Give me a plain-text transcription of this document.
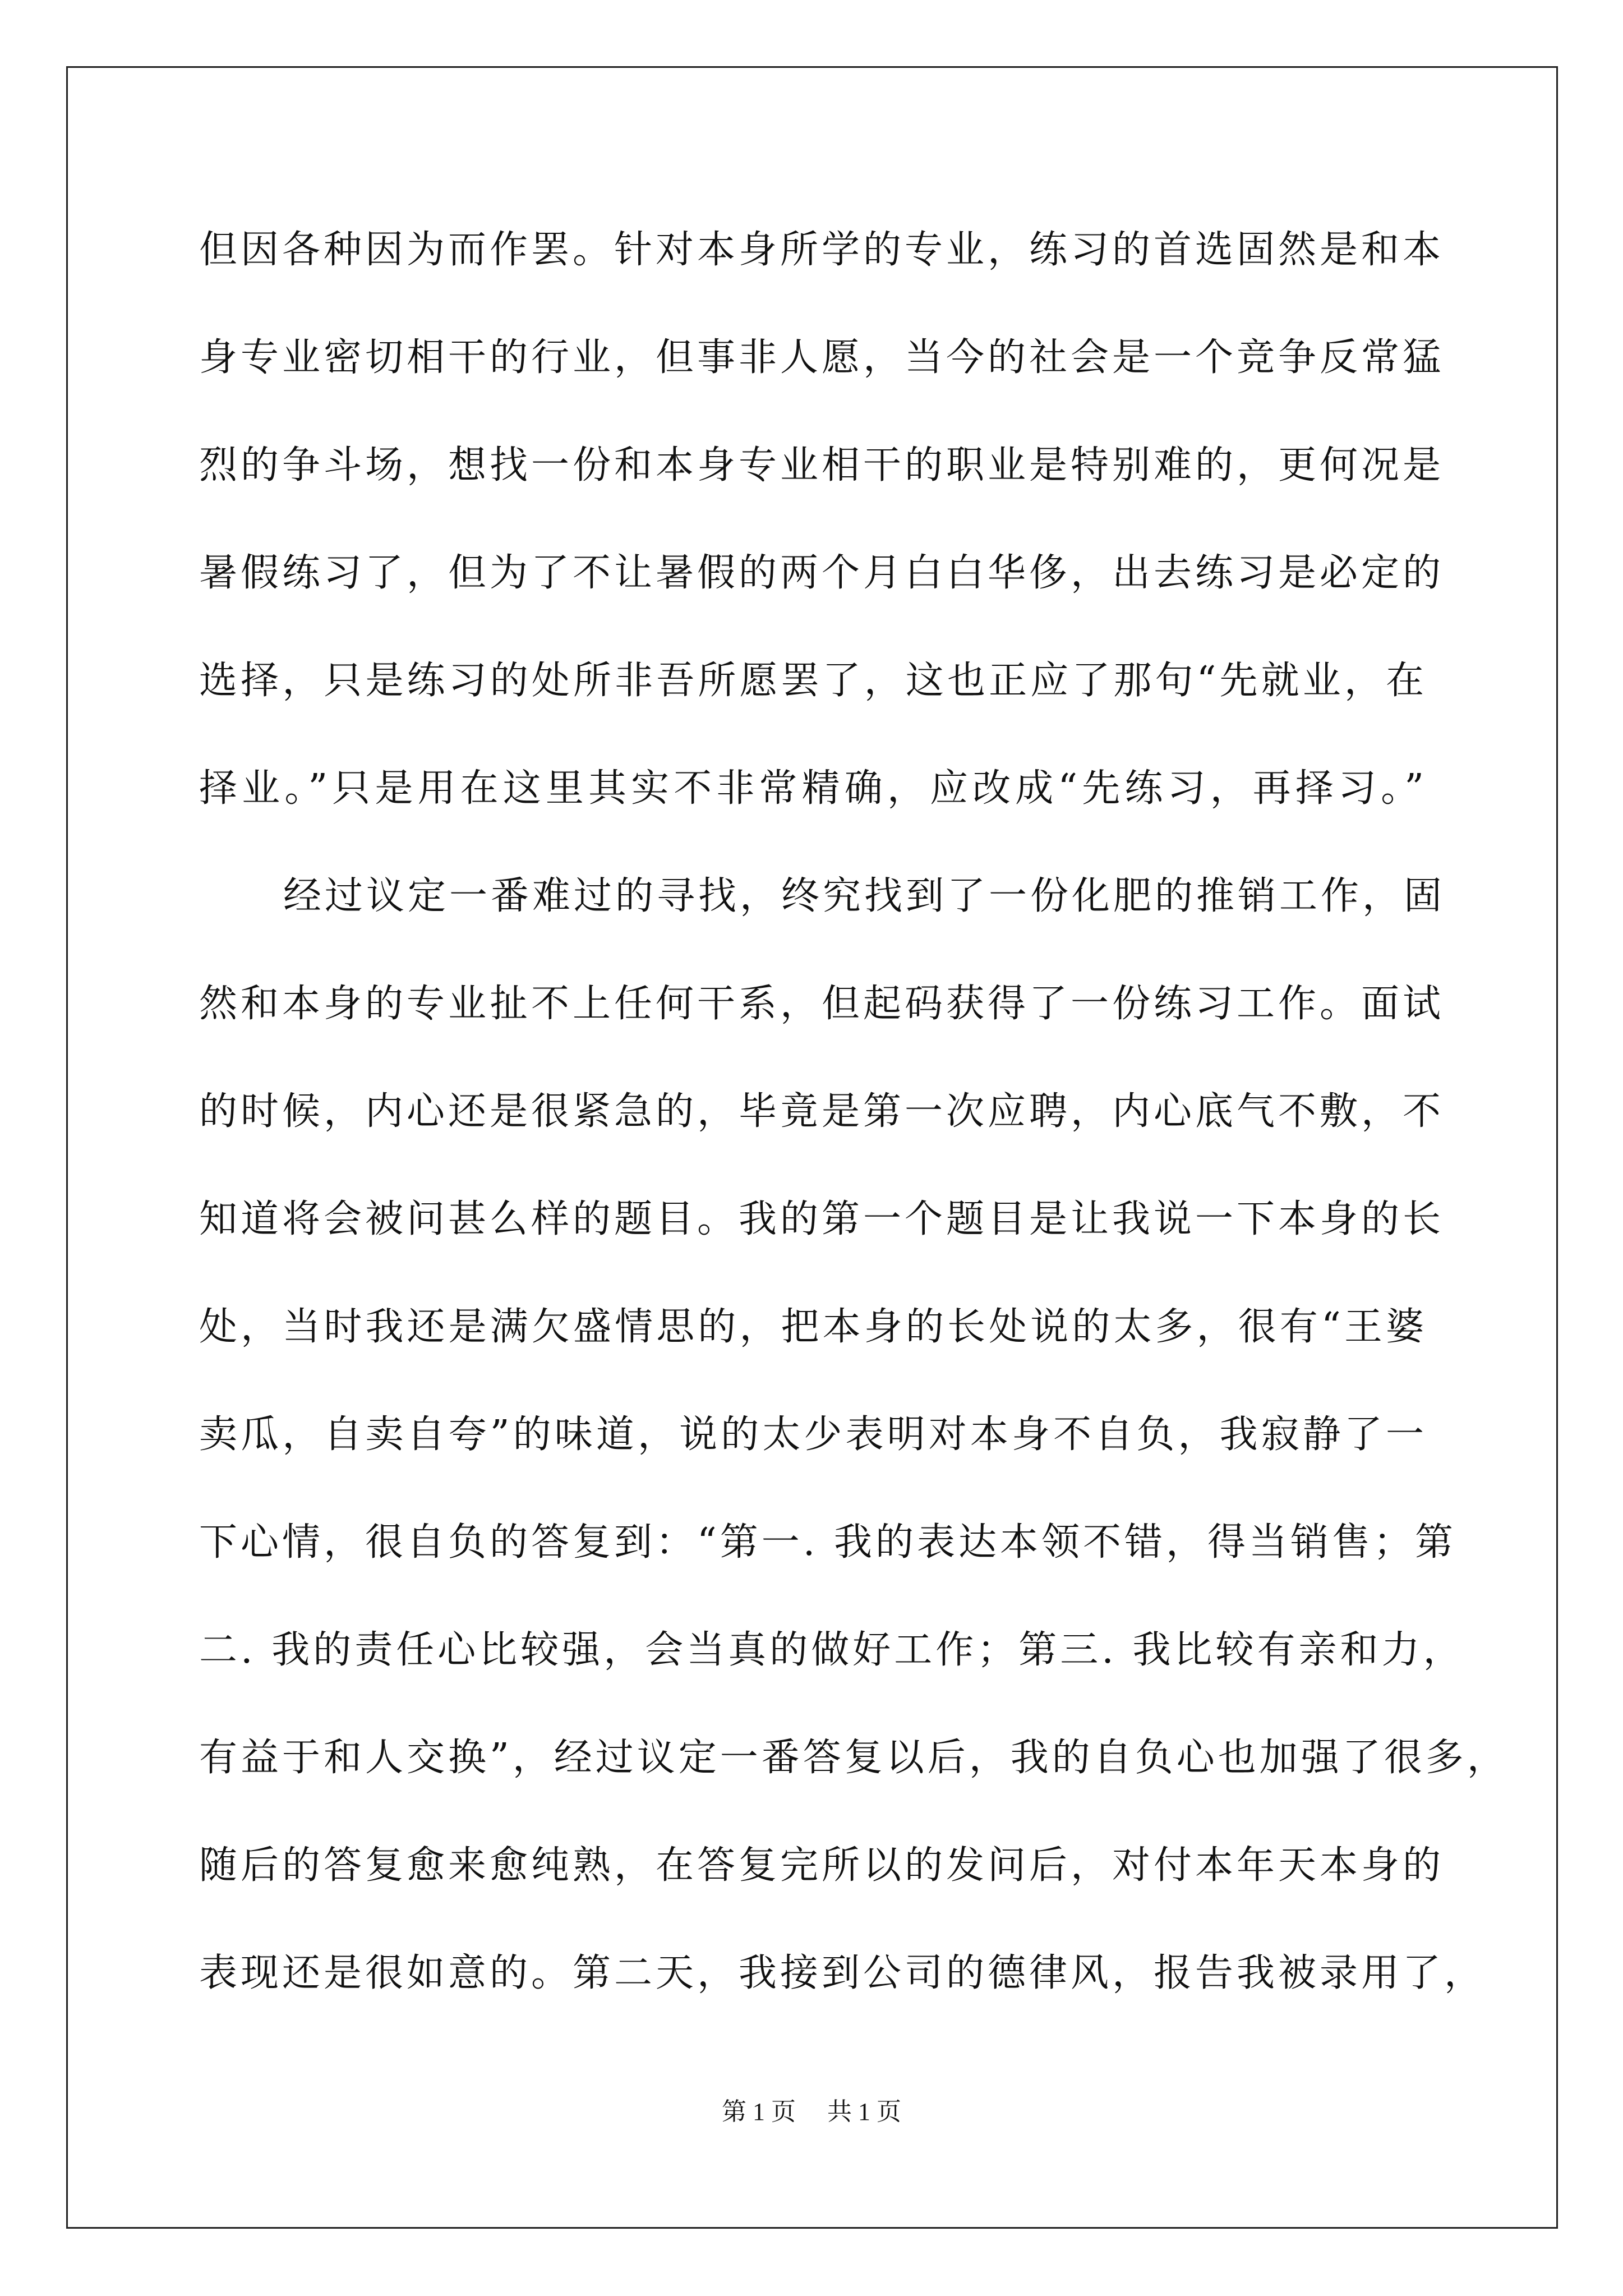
但因各种因为而作罢。针对本身所学的专业，练习的首选固然是和本
身专业密切相干的行业，但事非人愿，当今的社会是一个竞争反常猛
烈的争斗场，想找一份和本身专业相干的职业是特别难的，更何况是
暑假练习了，但为了不让暑假的两个月白白华侈，出去练习是必定的
选择，只是练习的处所非吾所愿罢了，这也正应了那句“先就业，在
择业。”只是用在这里其实不非常精确，应改成“先练习，再择习。”
经过议定一番难过的寻找，终究找到了一份化肥的推销工作，固
然和本身的专业扯不上任何干系，但起码获得了一份练习工作。面试
的时候，内心还是很紧急的，毕竟是第一次应聘，内心底气不敷，不
知道将会被问甚么样的题目。我的第一个题目是让我说一下本身的长
处，当时我还是满欠盛情思的，把本身的长处说的太多，很有“王婆
卖瓜，自卖自夸”的味道，说的太少表明对本身不自负，我寂静了一
下心情，很自负的答复到：“第一. 我的表达本领不错，得当销售；第
二. 我的责任心比较强，会当真的做好工作；第三. 我比较有亲和力，
有益于和人交换”，经过议定一番答复以后，我的自负心也加强了很多，
随后的答复愈来愈纯熟，在答复完所以的发问后，对付本年天本身的
表现还是很如意的。第二天，我接到公司的德律风，报告我被录用了，
第 1 页 共 1 页
